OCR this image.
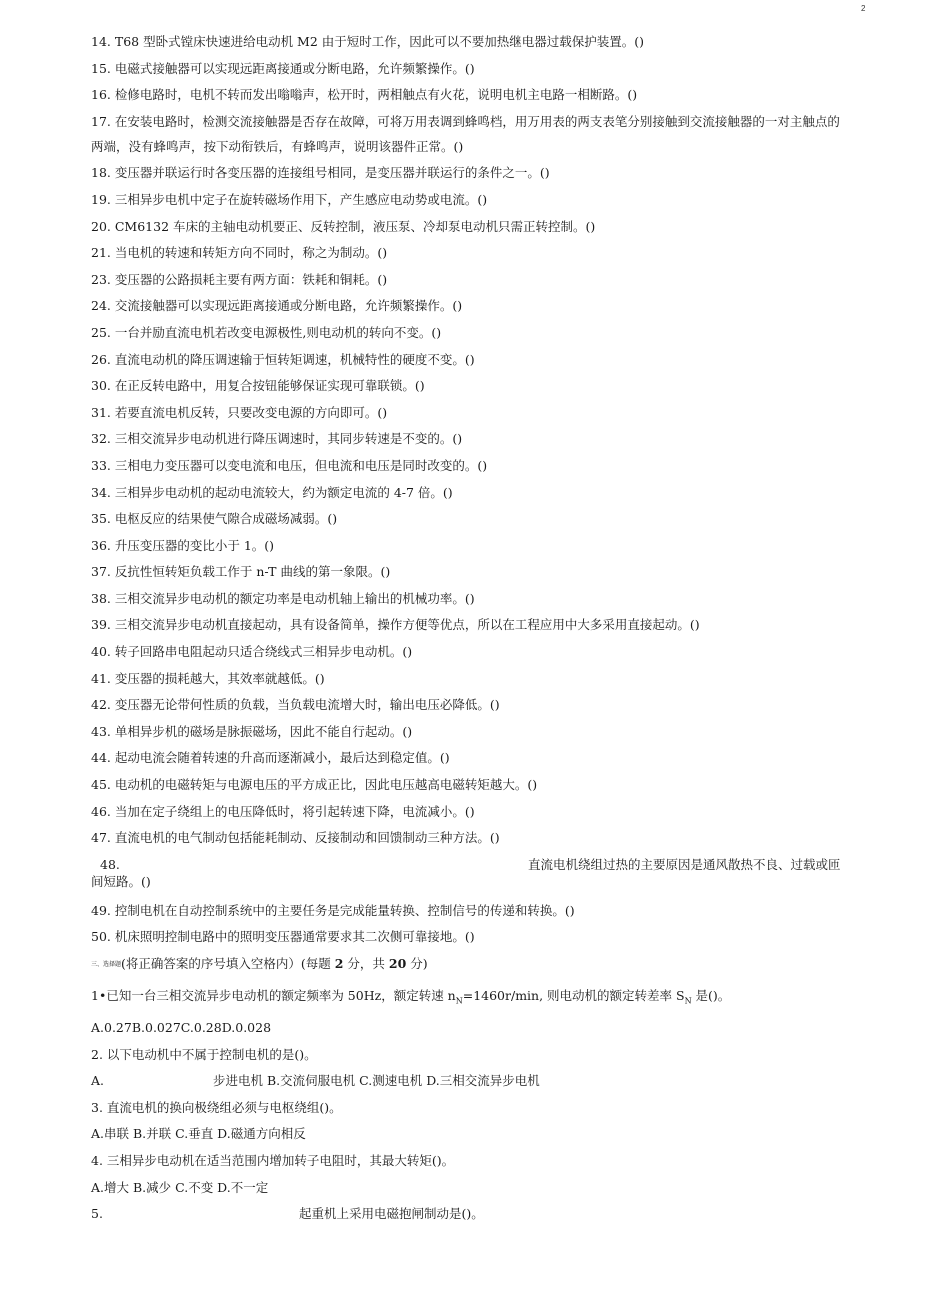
2
14. T68 型卧式镗床快速进给电动机 M2 由于短时工作，因此可以不要加热继电器过载保护装置。()
15. 电磁式接触器可以实现远距离接通或分断电路，允许频繁操作。()
16. 检修电路时，电机不转而发出嗡嗡声，松开时，两相触点有火花，说明电机主电路一相断路。()
17. 在安装电路时，检测交流接触器是否存在故障，可将万用表调到蜂鸣档，用万用表的两支表笔分别接触到交流接触器的一对主触点的
两端，没有蜂鸣声，按下动衔铁后，有蜂鸣声，说明该器件正常。()
18. 变压器并联运行时各变压器的连接组号相同，是变压器并联运行的条件之一。()
19. 三相异步电机中定子在旋转磁场作用下，产生感应电动势或电流。()
20. CM6132 车床的主轴电动机要正、反转控制，液压泵、冷却泵电动机只需正转控制。()
21. 当电机的转速和转矩方向不同时，称之为制动。()
23. 变压器的公路损耗主要有两方面：铁耗和铜耗。()
24. 交流接触器可以实现远距离接通或分断电路，允许频繁操作。()
25. 一台并励直流电机若改变电源极性,则电动机的转向不变。()
26. 直流电动机的降压调速输于恒转矩调速，机械特性的硬度不变。()
30. 在正反转电路中，用复合按钮能够保证实现可靠联锁。()
31. 若要直流电机反转，只要改变电源的方向即可。()
32. 三相交流异步电动机进行降压调速时，其同步转速是不变的。()
33. 三相电力变压器可以变电流和电压，但电流和电压是同时改变的。()
34. 三相异步电动机的起动电流较大，约为额定电流的 4-7 倍。()
35. 电枢反应的结果使气隙合成磁场减弱。()
36. 升压变压器的变比小于 1。()
37. 反抗性恒转矩负载工作于 n-T 曲线的第一象限。()
38. 三相交流异步电动机的额定功率是电动机轴上输出的机械功率。()
39. 三相交流异步电动机直接起动，具有设备简单，操作方便等优点，所以在工程应用中大多采用直接起动。()
40. 转子回路串电阻起动只适合绕线式三相异步电动机。()
41. 变压器的损耗越大，其效率就越低。()
42. 变压器无论带何性质的负载，当负载电流增大时，输出电压必降低。()
43. 单相异步机的磁场是脉振磁场，因此不能自行起动。()
44. 起动电流会随着转速的升高而逐渐减小，最后达到稳定值。()
45. 电动机的电磁转矩与电源电压的平方成正比，因此电压越高电磁转矩越大。()
46. 当加在定子绕组上的电压降低时，将引起转速下降，电流减小。()
47. 直流电机的电气制动包括能耗制动、反接制动和回馈制动三种方法。()
48.	直流电机绕组过热的主要原因是通风散热不良、过载或匝
间短路。()
49. 控制电机在自动控制系统中的主要任务是完成能量转换、控制信号的传递和转换。()
50. 机床照明控制电路中的照明变压器通常要求其二次侧可靠接地。()
三、选择题(将正确答案的序号填入空格内）(每题 2 分，共 20 分)
1•已知一台三相交流异步电动机的额定频率为 50Hz，额定转速 $n_N=1460r/\min$, 则电动机的额定转差率 $S_N$ 是()。
A.0.27B.0.027C.0.28D.0.028
2. 以下电动机中不属于控制电机的是()。
A.	步进电机 B.交流伺服电机 C.测速电机 D.三相交流异步电机
3. 直流电机的换向极绕组必须与电枢绕组()。
A.串联 B.并联 C.垂直 D.磁通方向相反
4. 三相异步电动机在适当范围内增加转子电阻时，其最大转矩()。
A.增大 B.减少 C.不变 D.不一定
5.	起重机上采用电磁抱闸制动是()。
